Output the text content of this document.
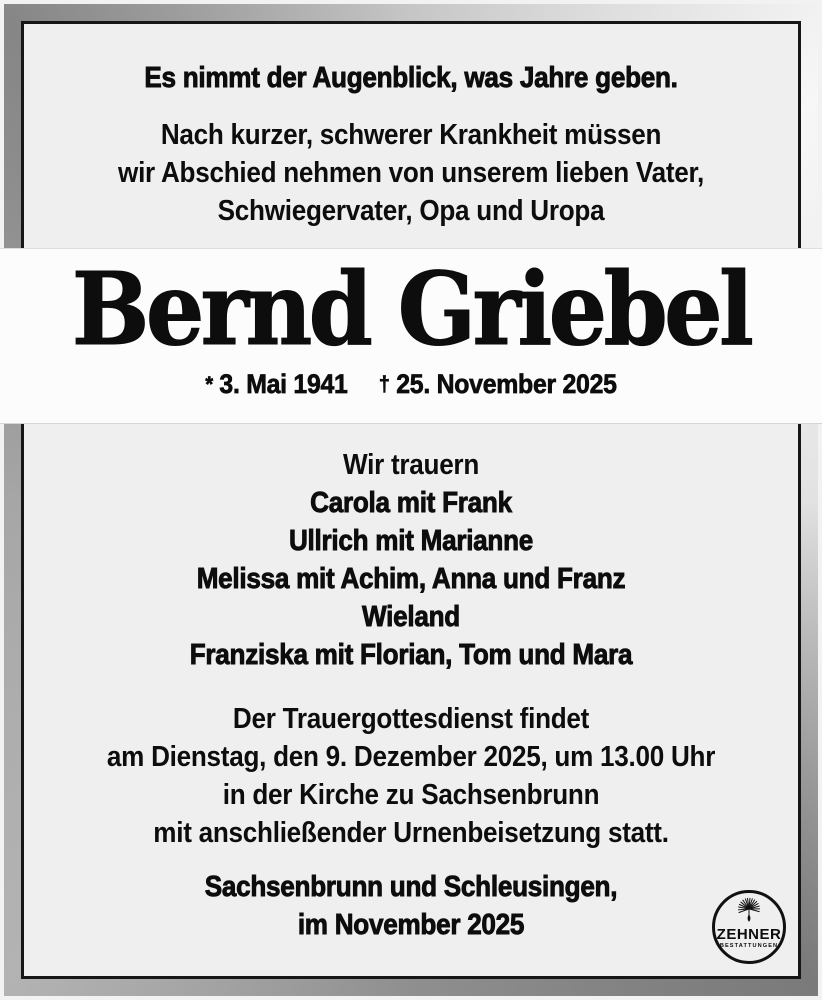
Es nimmt der Augenblick, was Jahre geben.
Nach kurzer, schwerer Krankheit müssen
wir Abschied nehmen von unserem lieben Vater,
Schwiegervater, Opa und Uropa
Bernd Griebel
* 3. Mai 1941 † 25. November 2025
Wir trauern
Carola mit Frank
Ullrich mit Marianne
Melissa mit Achim, Anna und Franz
Wieland
Franziska mit Florian, Tom und Mara
Der Trauergottesdienst findet
am Dienstag, den 9. Dezember 2025, um 13.00 Uhr
in der Kirche zu Sachsenbrunn
mit anschließender Urnenbeisetzung statt.
Sachsenbrunn und Schleusingen,
im November 2025	ZEHNER
BESTATTUNGEN
